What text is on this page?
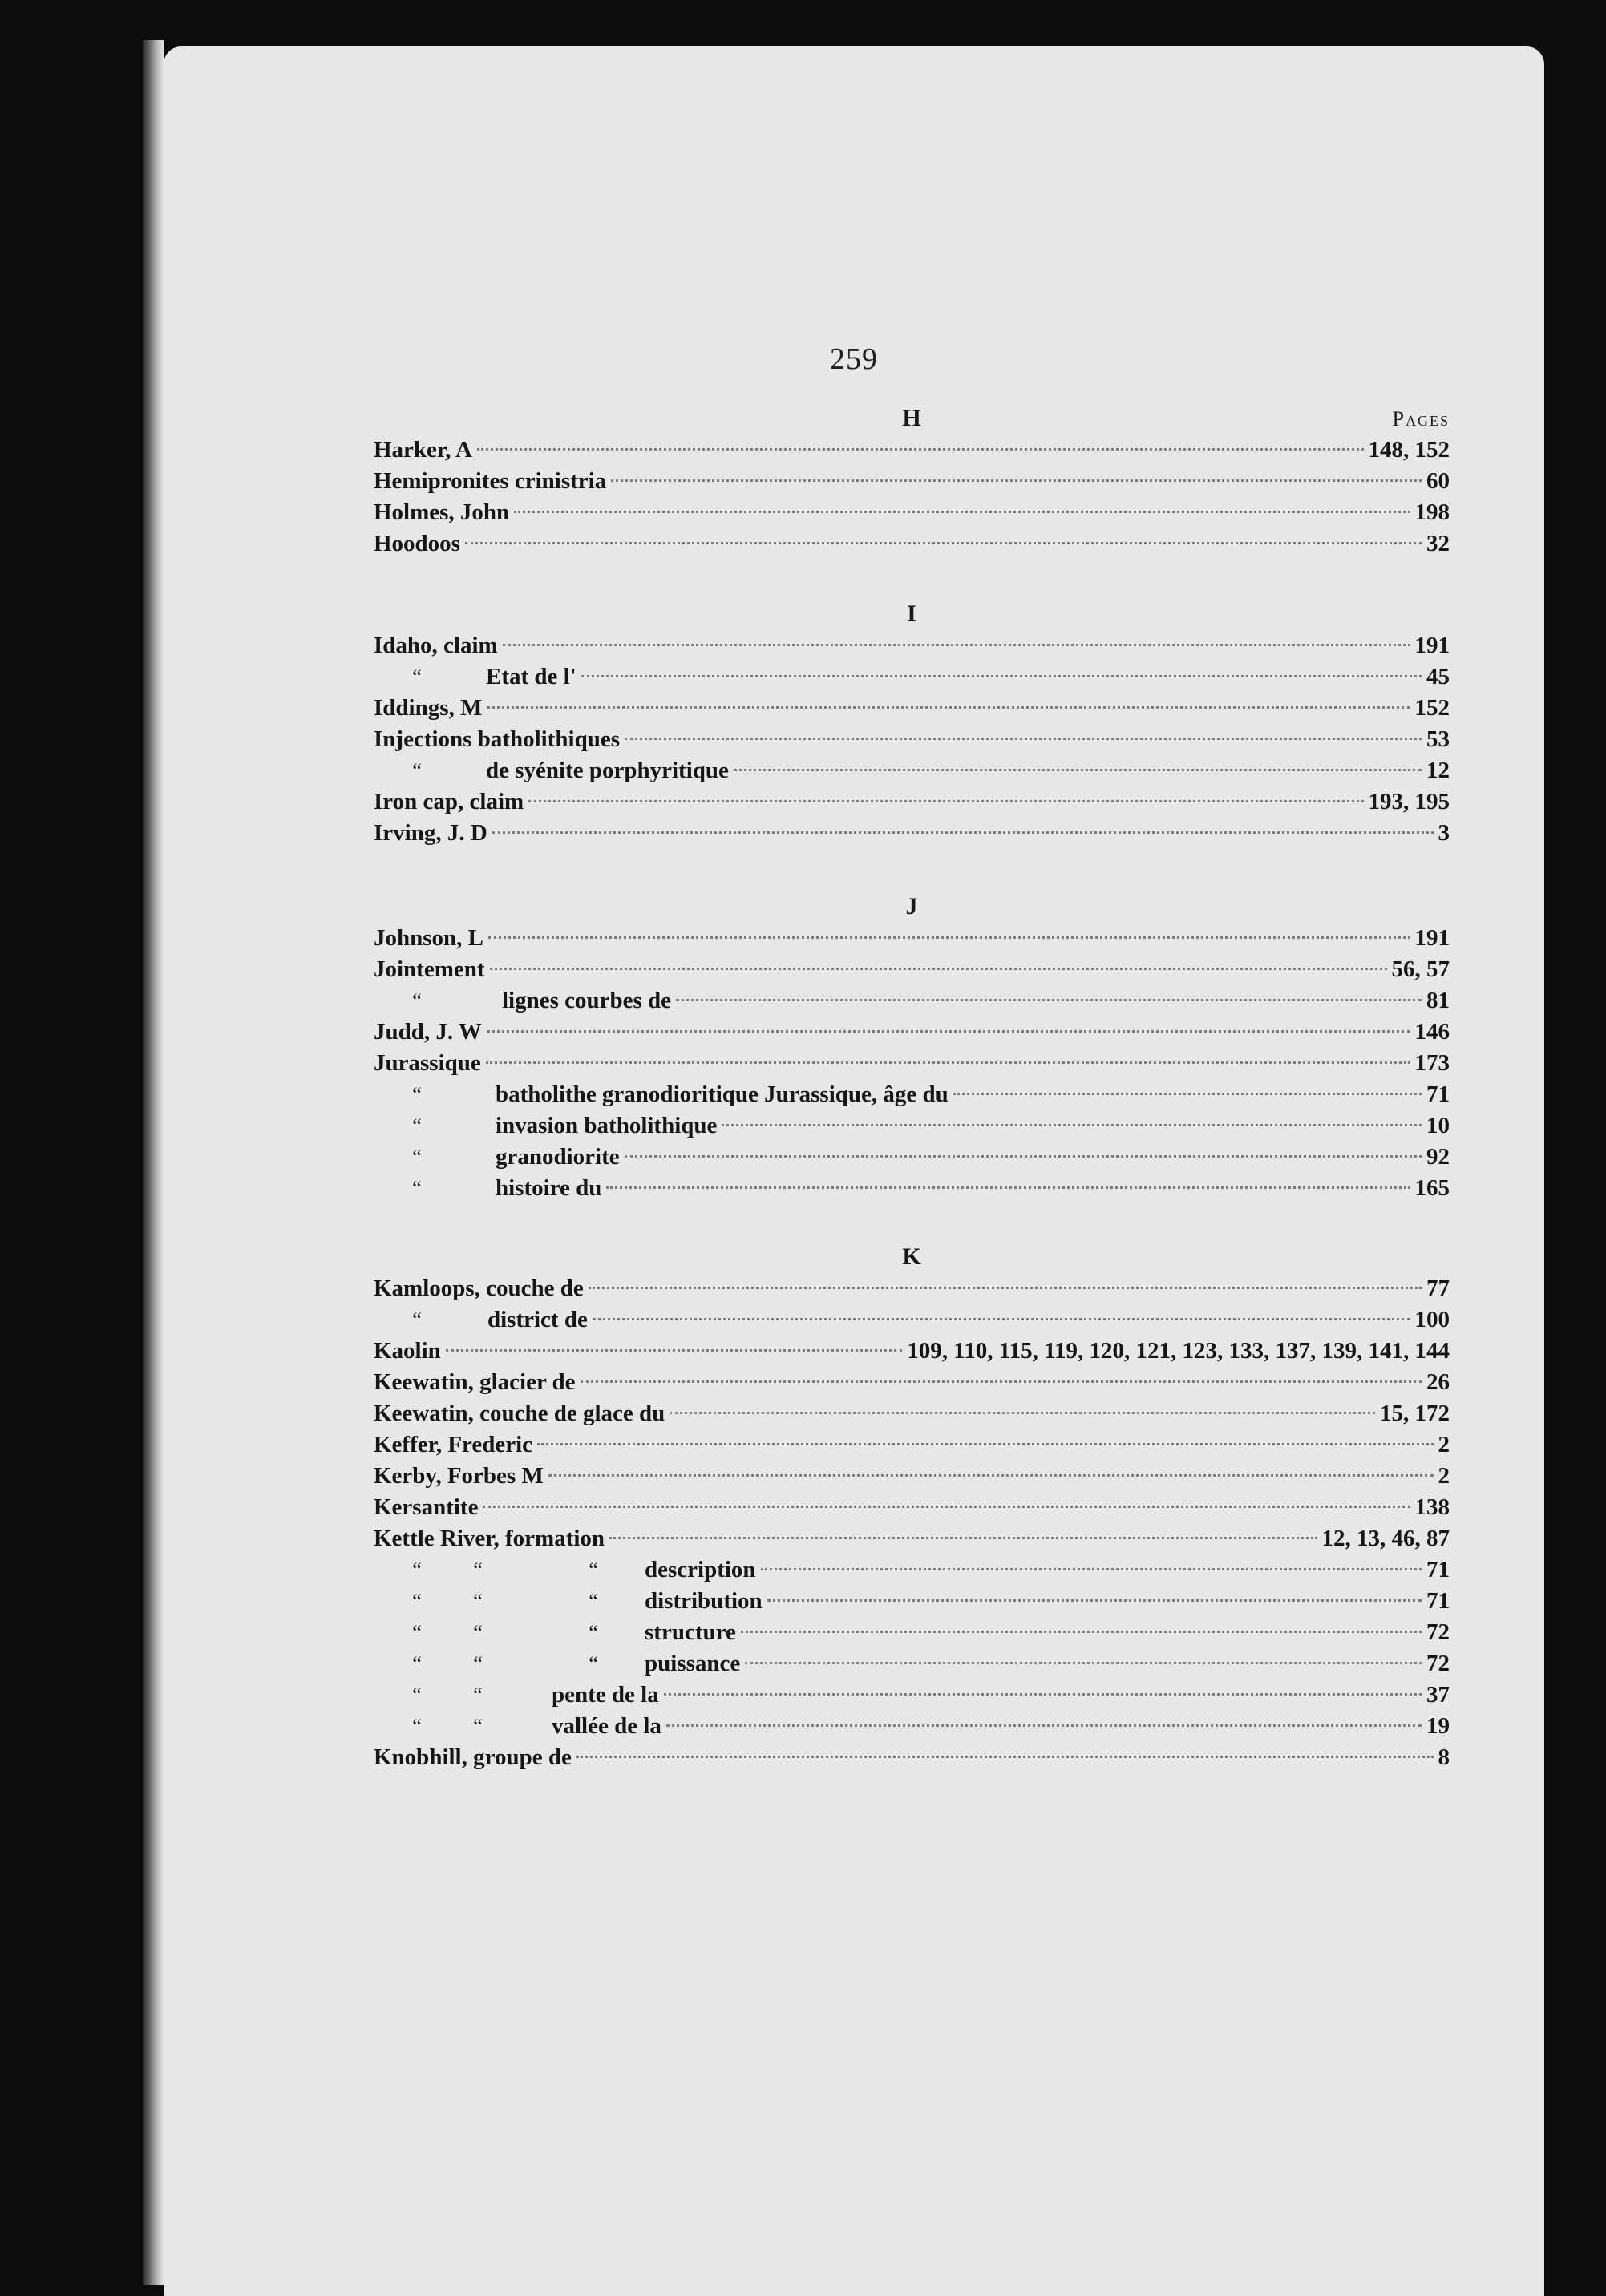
259
H	Pages
Harker, A	148, 152
Hemipronites crinistria	60
Holmes, John	198
Hoodoos	32
I
Idaho, claim	191
“	Etat de l'	45
Iddings, M	152
Injections batholithiques	53
“	de syénite porphyritique	12
Iron cap, claim	193, 195
Irving, J. D	3
J
Johnson, L	191
Jointement	56, 57
“	lignes courbes de	81
Judd, J. W	146
Jurassique	173
“	batholithe granodioritique Jurassique, âge du	71
“	invasion batholithique	10
“	granodiorite	92
“	histoire du	165
K
Kamloops, couche de	77
“	district de	100
Kaolin	109, 110, 115, 119, 120, 121, 123, 133, 137, 139, 141, 144
Keewatin, glacier de	26
Keewatin, couche de glace du	15, 172
Keffer, Frederic	2
Kerby, Forbes M	2
Kersantite	138
Kettle River, formation	12, 13, 46, 87
“ “	“ description	71
“ “	“ distribution	71
“ “	“ structure	72
“ “	“ puissance	72
“ “	pente de la	37
“ “	vallée de la	19
Knobhill, groupe de	8
